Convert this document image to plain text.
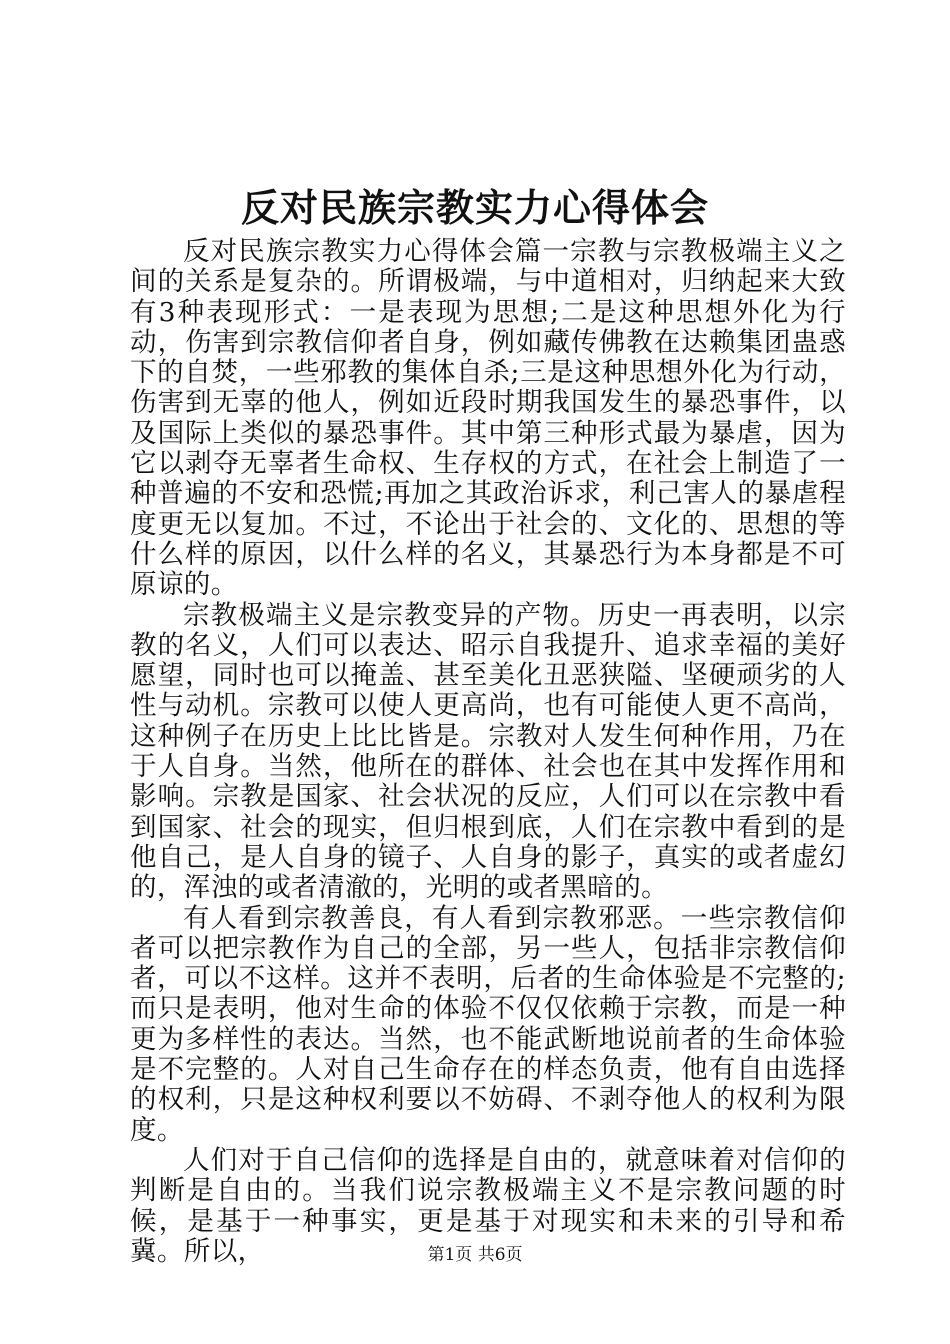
反对民族宗教实力心得体会

反对民族宗教实力心得体会篇一宗教与宗教极端主义之间的关系是复杂的。所谓极端，与中道相对，归纳起来大致有3种表现形式：一是表现为思想;二是这种思想外化为行动，伤害到宗教信仰者自身，例如藏传佛教在达赖集团蛊惑下的自焚，一些邪教的集体自杀;三是这种思想外化为行动，伤害到无辜的他人，例如近段时期我国发生的暴恐事件，以及国际上类似的暴恐事件。其中第三种形式最为暴虐，因为它以剥夺无辜者生命权、生存权的方式，在社会上制造了一种普遍的不安和恐慌;再加之其政治诉求，利己害人的暴虐程度更无以复加。不过，不论出于社会的、文化的、思想的等什么样的原因，以什么样的名义，其暴恐行为本身都是不可原谅的。

宗教极端主义是宗教变异的产物。历史一再表明，以宗教的名义，人们可以表达、昭示自我提升、追求幸福的美好愿望，同时也可以掩盖、甚至美化丑恶狭隘、坚硬顽劣的人性与动机。宗教可以使人更高尚，也有可能使人更不高尚，这种例子在历史上比比皆是。宗教对人发生何种作用，乃在于人自身。当然，他所在的群体、社会也在其中发挥作用和影响。宗教是国家、社会状况的反应，人们可以在宗教中看到国家、社会的现实，但归根到底，人们在宗教中看到的是他自己，是人自身的镜子、人自身的影子，真实的或者虚幻的，浑浊的或者清澈的，光明的或者黑暗的。

有人看到宗教善良，有人看到宗教邪恶。一些宗教信仰者可以把宗教作为自己的全部，另一些人，包括非宗教信仰者，可以不这样。这并不表明，后者的生命体验是不完整的;而只是表明，他对生命的体验不仅仅依赖于宗教，而是一种更为多样性的表达。当然，也不能武断地说前者的生命体验是不完整的。人对自己生命存在的样态负责，他有自由选择的权利，只是这种权利要以不妨碍、不剥夺他人的权利为限度。

人们对于自己信仰的选择是自由的，就意味着对信仰的判断是自由的。当我们说宗教极端主义不是宗教问题的时候，是基于一种事实，更是基于对现实和未来的引导和希冀。所以，	第1页 共6页
